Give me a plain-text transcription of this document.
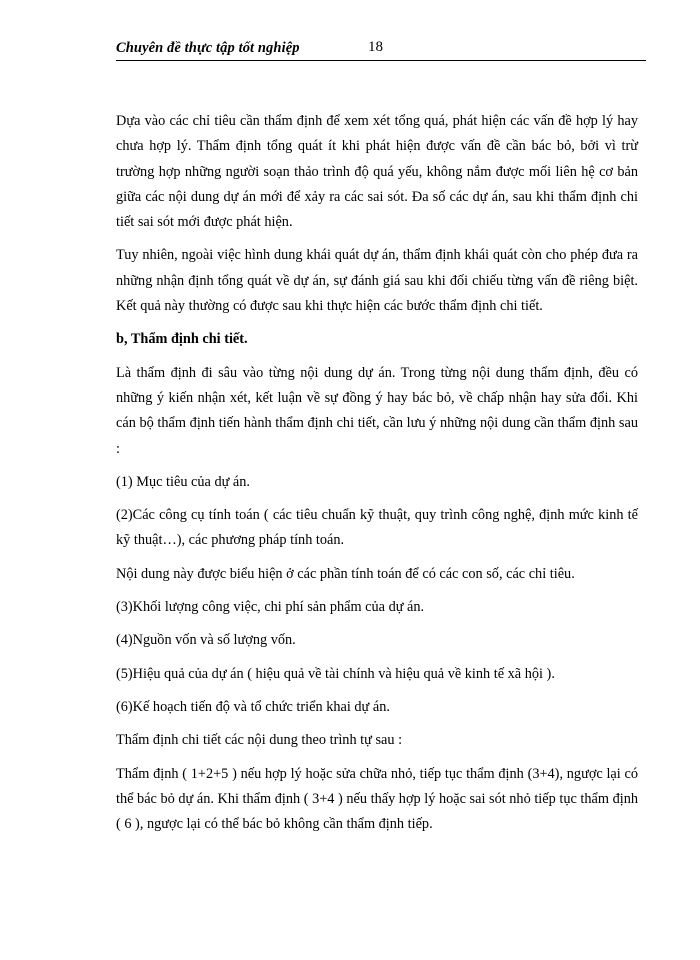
Chuyên đề thực tập tốt nghiệp	18

Dựa vào các chỉ tiêu cần thẩm định để xem xét tổng quá, phát hiện các vấn đề hợp lý hay chưa hợp lý. Thẩm định tổng quát ít khi phát hiện được vấn đề cần bác bỏ, bởi vì trừ trường hợp những người soạn thảo trình độ quá yếu, không nắm được mối liên hệ cơ bản giữa các nội dung dự án mới để xảy ra các sai sót. Đa số các dự án, sau khi thẩm định chi tiết sai sót mới được phát hiện.

Tuy nhiên, ngoài việc hình dung khái quát dự án, thẩm định khái quát còn cho phép đưa ra những nhận định tổng quát về dự án, sự đánh giá sau khi đối chiếu từng vấn đề riêng biệt. Kết quả này thường có được sau khi thực hiện các bước thẩm định chi tiết.

b, Thẩm định chi tiết.

Là thẩm định đi sâu vào từng nội dung dự án. Trong từng nội dung thẩm định, đều có những ý kiến nhận xét, kết luận về sự đồng ý hay bác bỏ, về chấp nhận hay sửa đổi. Khi cán bộ thẩm định tiến hành thẩm định chi tiết, cần lưu ý những nội dung cần thẩm định sau :

(1) Mục tiêu của dự án.

(2)Các công cụ tính toán ( các tiêu chuẩn kỹ thuật, quy trình công nghệ, định mức kinh tế kỹ thuật…), các phương pháp tính toán.

Nội dung này được biểu hiện ở các phần tính toán để có các con số, các chỉ tiêu.

(3)Khối lượng công việc, chi phí sản phẩm của dự án.

(4)Nguồn vốn và số lượng vốn.

(5)Hiệu quả của dự án ( hiệu quả về tài chính và hiệu quả về kinh tế xã hội ).

(6)Kế hoạch tiến độ và tổ chức triển khai dự án.

Thẩm định chi tiết các nội dung theo trình tự sau :

Thẩm định ( 1+2+5 ) nếu hợp lý hoặc sửa chữa nhỏ, tiếp tục thẩm định (3+4), ngược lại có thể bác bỏ dự án. Khi thẩm định ( 3+4 ) nếu thấy hợp lý hoặc sai sót nhỏ tiếp tục thẩm định ( 6 ), ngược lại có thể bác bỏ không cần thẩm định tiếp.
